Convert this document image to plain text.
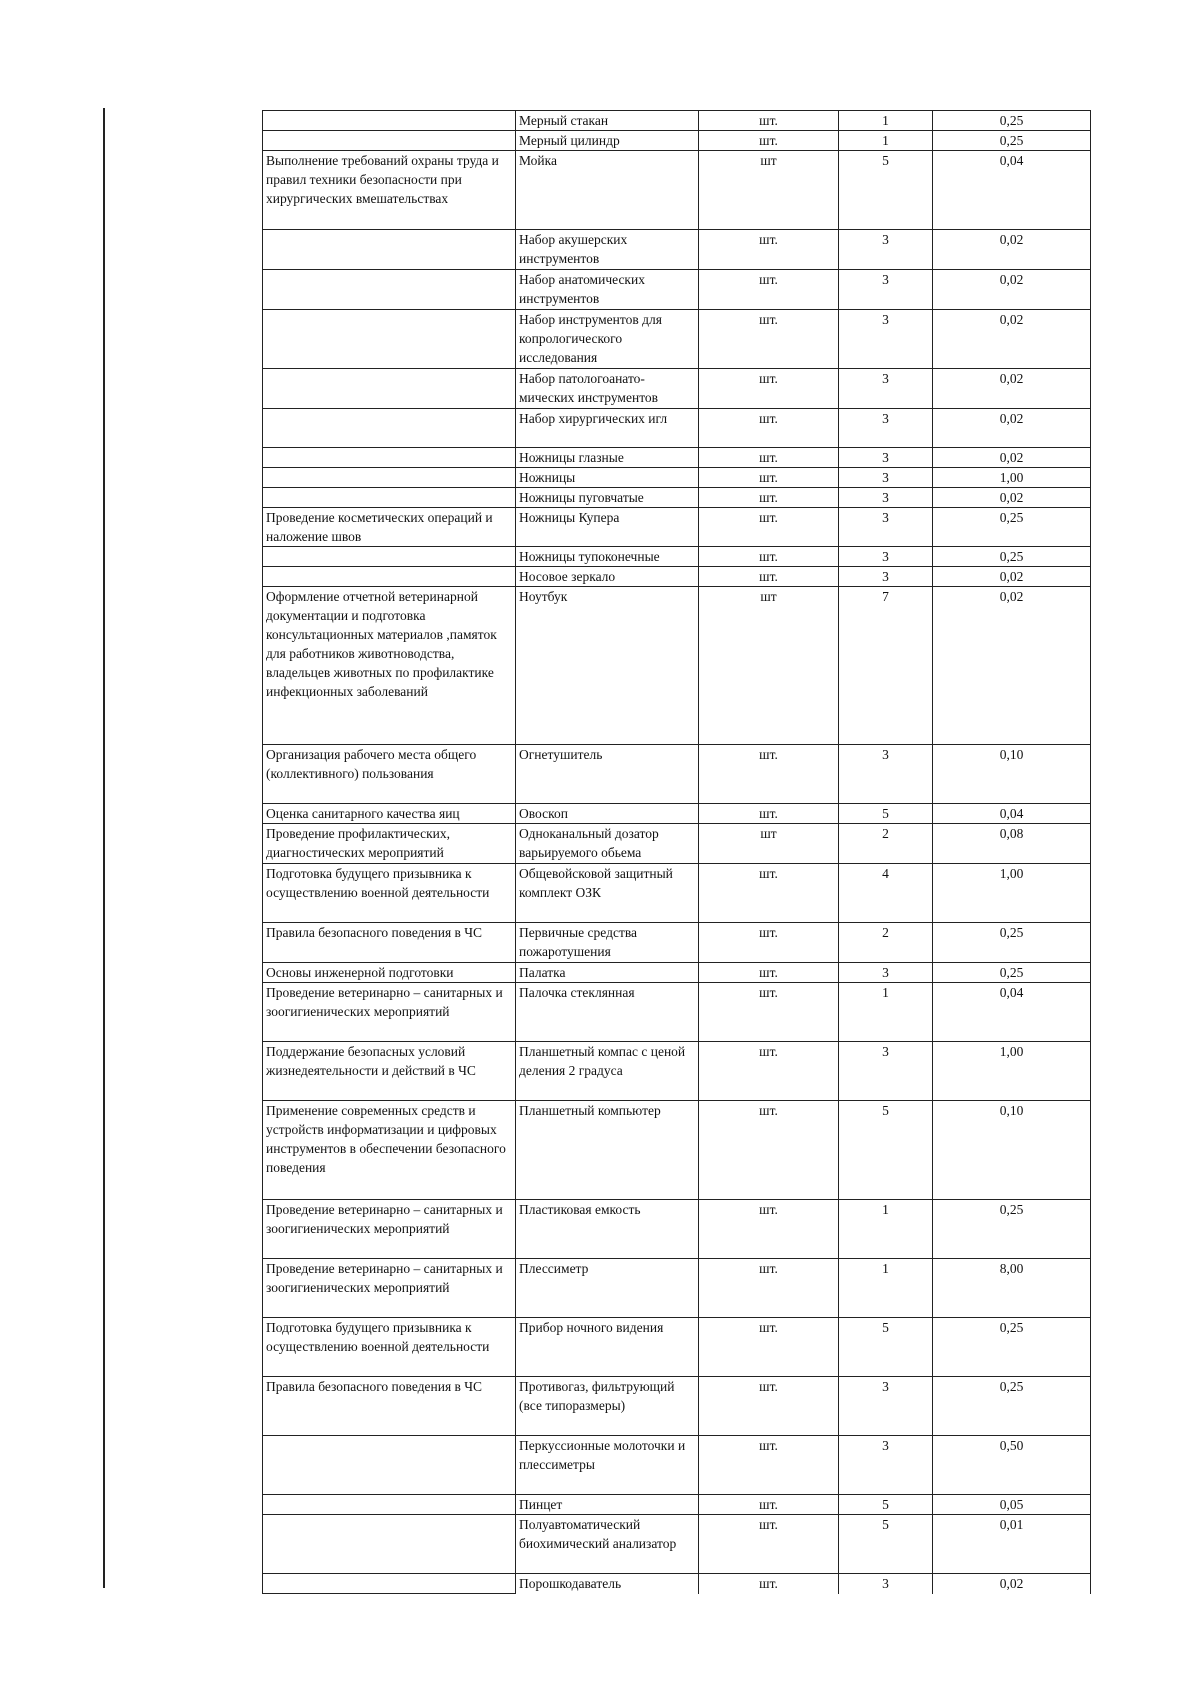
	Мерный стакан	шт.	1	0,25
	Мерный цилиндр	шт.	1	0,25
Выполнение требований охраны труда и правил техники безопасности при хирургических вмешательствах	Мойка	шт	5	0,04
	Набор акушерских инструментов	шт.	3	0,02
	Набор анатомических инструментов	шт.	3	0,02
	Набор инструментов для копрологического исследования	шт.	3	0,02
	Набор патологоанато-мических инструментов	шт.	3	0,02
	Набор хирургических игл	шт.	3	0,02
	Ножницы глазные	шт.	3	0,02
	Ножницы	шт.	3	1,00
	Ножницы пуговчатые	шт.	3	0,02
Проведение косметических операций и наложение швов	Ножницы Купера	шт.	3	0,25
	Ножницы тупоконечные	шт.	3	0,25
	Носовое зеркало	шт.	3	0,02
Оформление отчетной ветеринарной документации и подготовка консультационных материалов ,памяток для работников животноводства, владельцев животных по профилактике инфекционных заболеваний	Ноутбук	шт	7	0,02
Организация рабочего места общего (коллективного) пользования	Огнетушитель	шт.	3	0,10
Оценка санитарного качества яиц	Овоскоп	шт.	5	0,04
Проведение профилактических, диагностических мероприятий	Одноканальный дозатор варьируемого обьема	шт	2	0,08
Подготовка будущего призывника к осуществлению военной деятельности	Общевойсковой защитный комплект ОЗК	шт.	4	1,00
Правила безопасного поведения в ЧС	Первичные средства пожаротушения	шт.	2	0,25
Основы инженерной подготовки	Палатка	шт.	3	0,25
Проведение ветеринарно – санитарных и зоогигиенических мероприятий	Палочка стеклянная	шт.	1	0,04
Поддержание безопасных условий жизнедеятельности и действий в ЧС	Планшетный компас с ценой деления 2 градуса	шт.	3	1,00
Применение современных средств и устройств информатизации и цифровых инструментов в обеспечении безопасного поведения	Планшетный компьютер	шт.	5	0,10
Проведение ветеринарно – санитарных и зоогигиенических мероприятий	Пластиковая емкость	шт.	1	0,25
Проведение ветеринарно – санитарных и зоогигиенических мероприятий	Плессиметр	шт.	1	8,00
Подготовка будущего призывника к осуществлению военной деятельности	Прибор ночного видения	шт.	5	0,25
Правила безопасного поведения в ЧС	Противогаз, фильтрующий (все типоразмеры)	шт.	3	0,25
	Перкуссионные молоточки и плессиметры	шт.	3	0,50
	Пинцет	шт.	5	0,05
	Полуавтоматический биохимический анализатор	шт.	5	0,01
	Порошкодаватель	шт.	3	0,02
